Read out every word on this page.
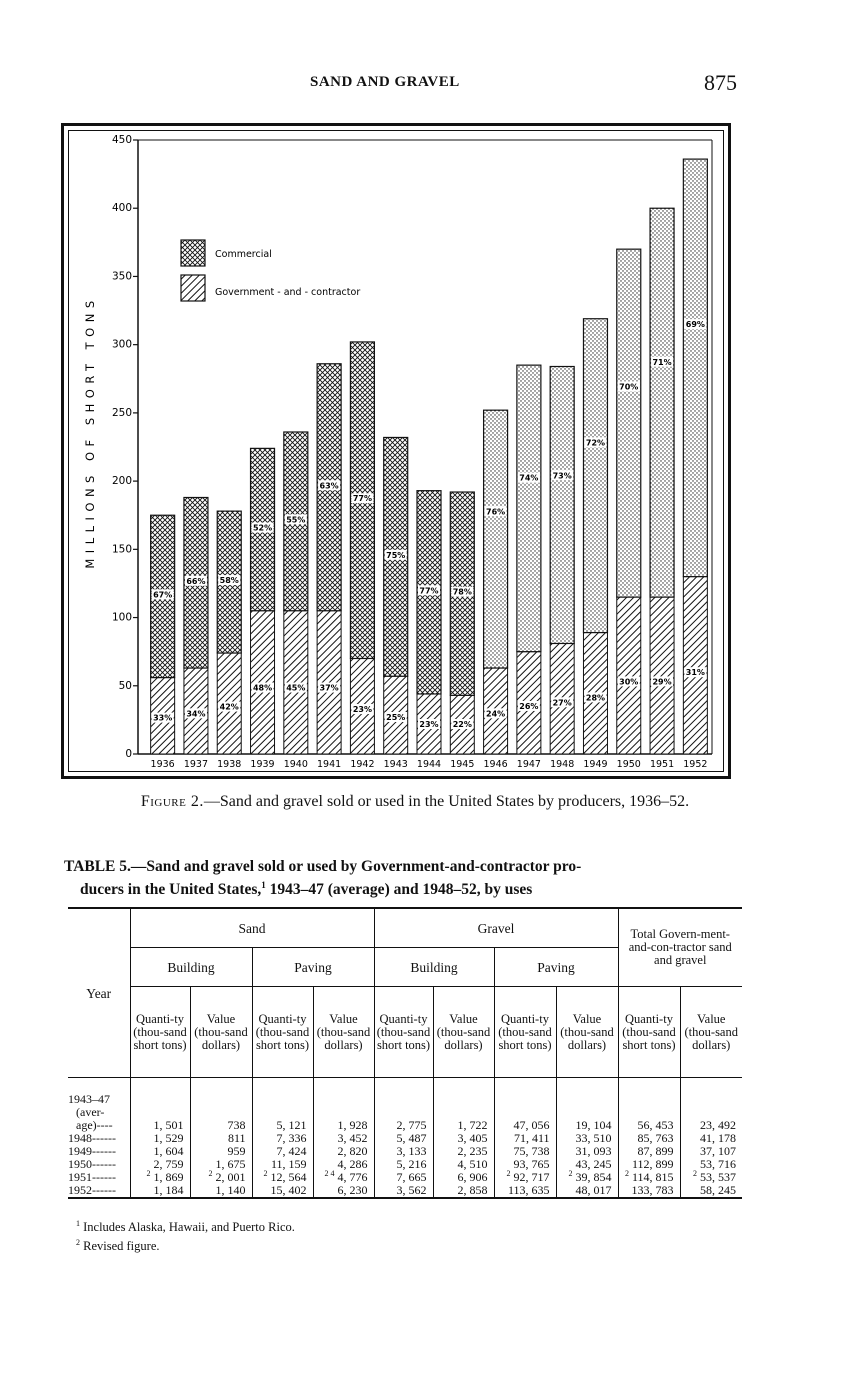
SAND AND GRAVEL	875
0
50
100
150
200
250
300
350
400
450
MILLIONS OF SHORT TONS
33%
67%
1936
34%
66%
1937
42%
58%
1938
48%
52%
1939
45%
55%
1940
37%
63%
1941
23%
77%
1942
25%
75%
1943
23%
77%
1944
22%
78%
1945
24%
76%
1946
26%
74%
1947
27%
73%
1948
28%
72%
1949
30%
70%
1950
29%
71%
1951
31%
69%
1952
Commercial
Government - and - contractor
Figure 2.—Sand and gravel sold or used in the United States by producers, 1936–52.
TABLE 5.—Sand and gravel sold or used by Government-and-contractor pro-
ducers in the United States,$^1$ 1943–47 (average) and 1948–52, by uses
Year	Sand				Gravel				Total Govern-ment-and-con-tractor sand and gravel	
	Building		Paving		Building		Paving			
	Quanti-ty (thou-sand short tons)	Value (thou-sand dollars)	Quanti-ty (thou-sand short tons)	Value (thou-sand dollars)	Quanti-ty (thou-sand short tons)	Value (thou-sand dollars)	Quanti-ty (thou-sand short tons)	Value (thou-sand dollars)	Quanti-ty (thou-sand short tons)	Value (thou-sand dollars)
1943–47										
(aver-										
age)----	1, 501	738	5, 121	1, 928	2, 775	1, 722	47, 056	19, 104	56, 453	23, 492
1948------	1, 529	811	7, 336	3, 452	5, 487	3, 405	71, 411	33, 510	85, 763	41, 178
1949------	1, 604	959	7, 424	2, 820	3, 133	2, 235	75, 738	31, 093	87, 899	37, 107
1950------	2, 759	1, 675	11, 159	4, 286	5, 216	4, 510	93, 765	43, 245	112, 899	53, 716
1951------	$^2$ 1, 869	$^2$ 2, 001	$^2$ 12, 564	$^{2 4}$ 4, 776	7, 665	6, 906	$^2$ 92, 717	$^2$ 39, 854	$^2$ 114, 815	$^2$ 53, 537
1952------	1, 184	1, 140	15, 402	6, 230	3, 562	2, 858	113, 635	48, 017	133, 783	58, 245
$^1$ Includes Alaska, Hawaii, and Puerto Rico.
$^2$ Revised figure.
